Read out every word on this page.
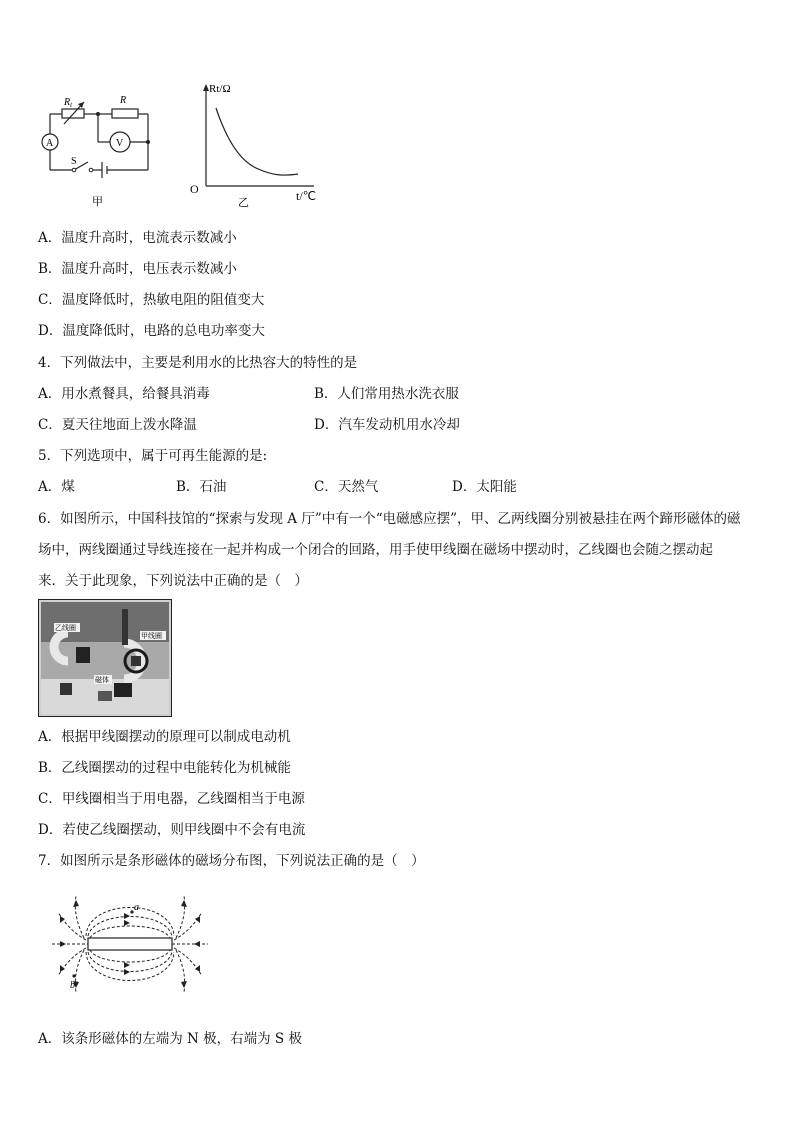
$R_t$	R
A	V
S
甲
Rt/Ω
O	t/℃
乙
A．温度升高时，电流表示数减小
B．温度升高时，电压表示数减小
C．温度降低时，热敏电阻的阻值变大
D．温度降低时，电路的总电功率变大
4．下列做法中，主要是利用水的比热容大的特性的是
A．用水煮餐具，给餐具消毒	B．人们常用热水洗衣服
C．夏天往地面上泼水降温	D．汽车发动机用水冷却
5．下列选项中，属于可再生能源的是:
A．煤	B．石油	C．天然气	D．太阳能
6．如图所示，中国科技馆的“探索与发现 A 厅”中有一个“电磁感应摆”，甲、乙两线圈分别被悬挂在两个蹄形磁体的磁
场中，两线圈通过导线连接在一起并构成一个闭合的回路，用手使甲线圈在磁场中摆动时，乙线圈也会随之摆动起
来．关于此现象，下列说法中正确的是（　）
乙线圈
甲线圈
磁体
A．根据甲线圈摆动的原理可以制成电动机
B．乙线圈摆动的过程中电能转化为机械能
C．甲线圈相当于用电器，乙线圈相当于电源
D．若使乙线圈摆动，则甲线圈中不会有电流
7．如图所示是条形磁体的磁场分布图，下列说法正确的是（　）
a
b
A．该条形磁体的左端为 N 极，右端为 S 极
